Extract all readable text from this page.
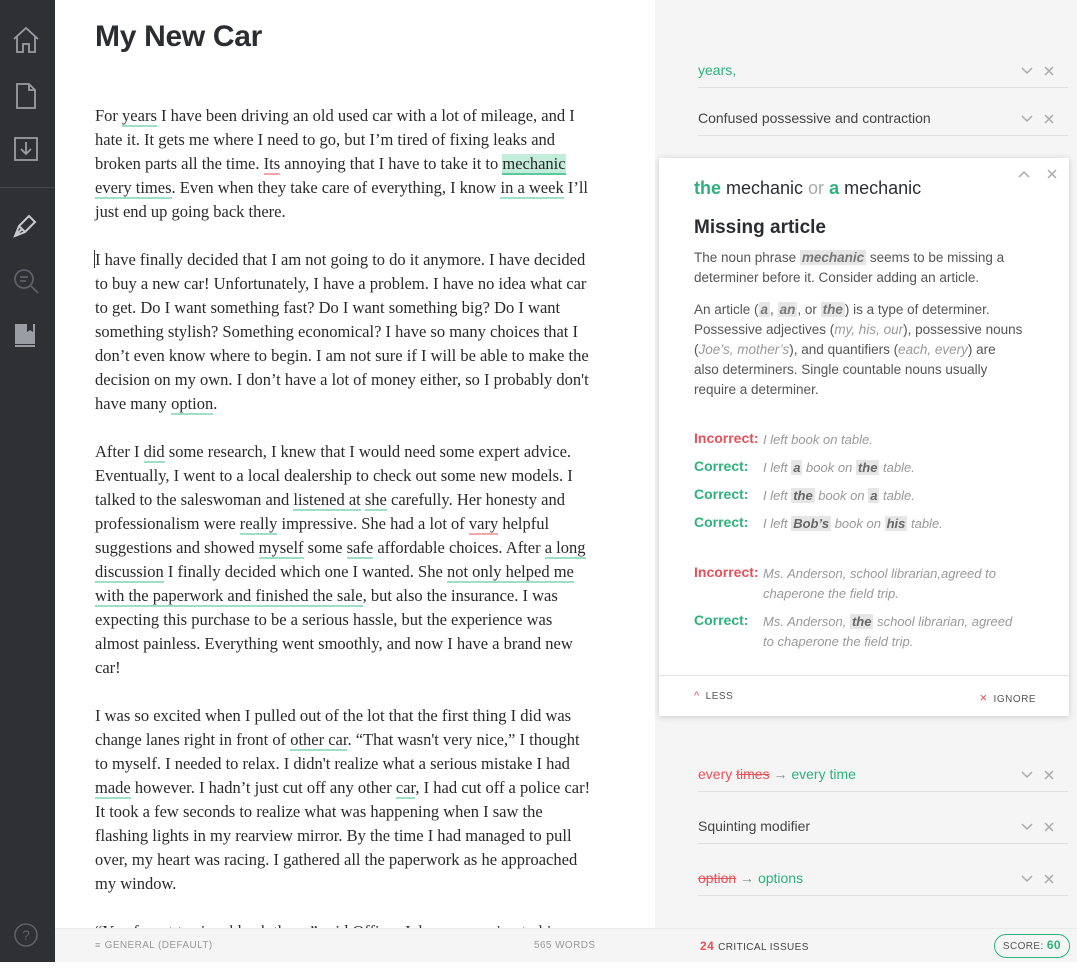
?
My New Car

For years I have been driving an old used car with a lot of mileage, and I hate it. It gets me where I need to go, but I’m tired of fixing leaks and broken parts all the time. Its annoying that I have to take it to mechanic every times. Even when they take care of everything, I know in a week I’ll just end up going back there.

I have finally decided that I am not going to do it anymore. I have decided to buy a new car! Unfortunately, I have a problem. I have no idea what car to get. Do I want something fast? Do I want something big? Do I want something stylish? Something economical? I have so many choices that I don’t even know where to begin. I am not sure if I will be able to make the decision on my own. I don’t have a lot of money either, so I probably don't have many option.

After I did some research, I knew that I would need some expert advice. Eventually, I went to a local dealership to check out some new models. I talked to the saleswoman and listened at she carefully. Her honesty and professionalism were really impressive. She had a lot of vary helpful suggestions and showed myself some safe affordable choices. After a long discussion I finally decided which one I wanted. She not only helped me with the paperwork and finished the sale, but also the insurance. I was expecting this purchase to be a serious hassle, but the experience was almost painless. Everything went smoothly, and now I have a brand new car!

I was so excited when I pulled out of the lot that the first thing I did was change lanes right in front of other car. “That wasn't very nice,” I thought to myself. I needed to relax. I didn't realize what a serious mistake I had made however. I hadn’t just cut off any other car, I had cut off a police car! It took a few seconds to realize what was happening when I saw the flashing lights in my rearview mirror. By the time I had managed to pull over, my heart was racing. I gathered all the paperwork as he approached my window.

years,
Confused possessive and contraction
every times → every time
Squinting modifier
option → options
the mechanic or a mechanic
Missing article
The noun phrase mechanic seems to be missing a determiner before it. Consider adding an article.
An article ( a , an , or the ) is a type of determiner. Possessive adjectives (my, his, our), possessive nouns (Joe’s, mother’s), and quantifiers (each, every) are also determiners. Single countable nouns usually require a determiner.
Incorrect: I left book on table.
Correct: I left a book on the table.
Correct: I left the book on a table.
Correct: I left Bob’s book on his table.
Incorrect: Ms. Anderson, school librarian,agreed to chaperone the field trip.
Correct: Ms. Anderson, the school librarian, agreed to chaperone the field trip.
^ LESS	× IGNORE
≡ GENERAL (DEFAULT)	565 WORDS	24 CRITICAL ISSUES	SCORE: 60
